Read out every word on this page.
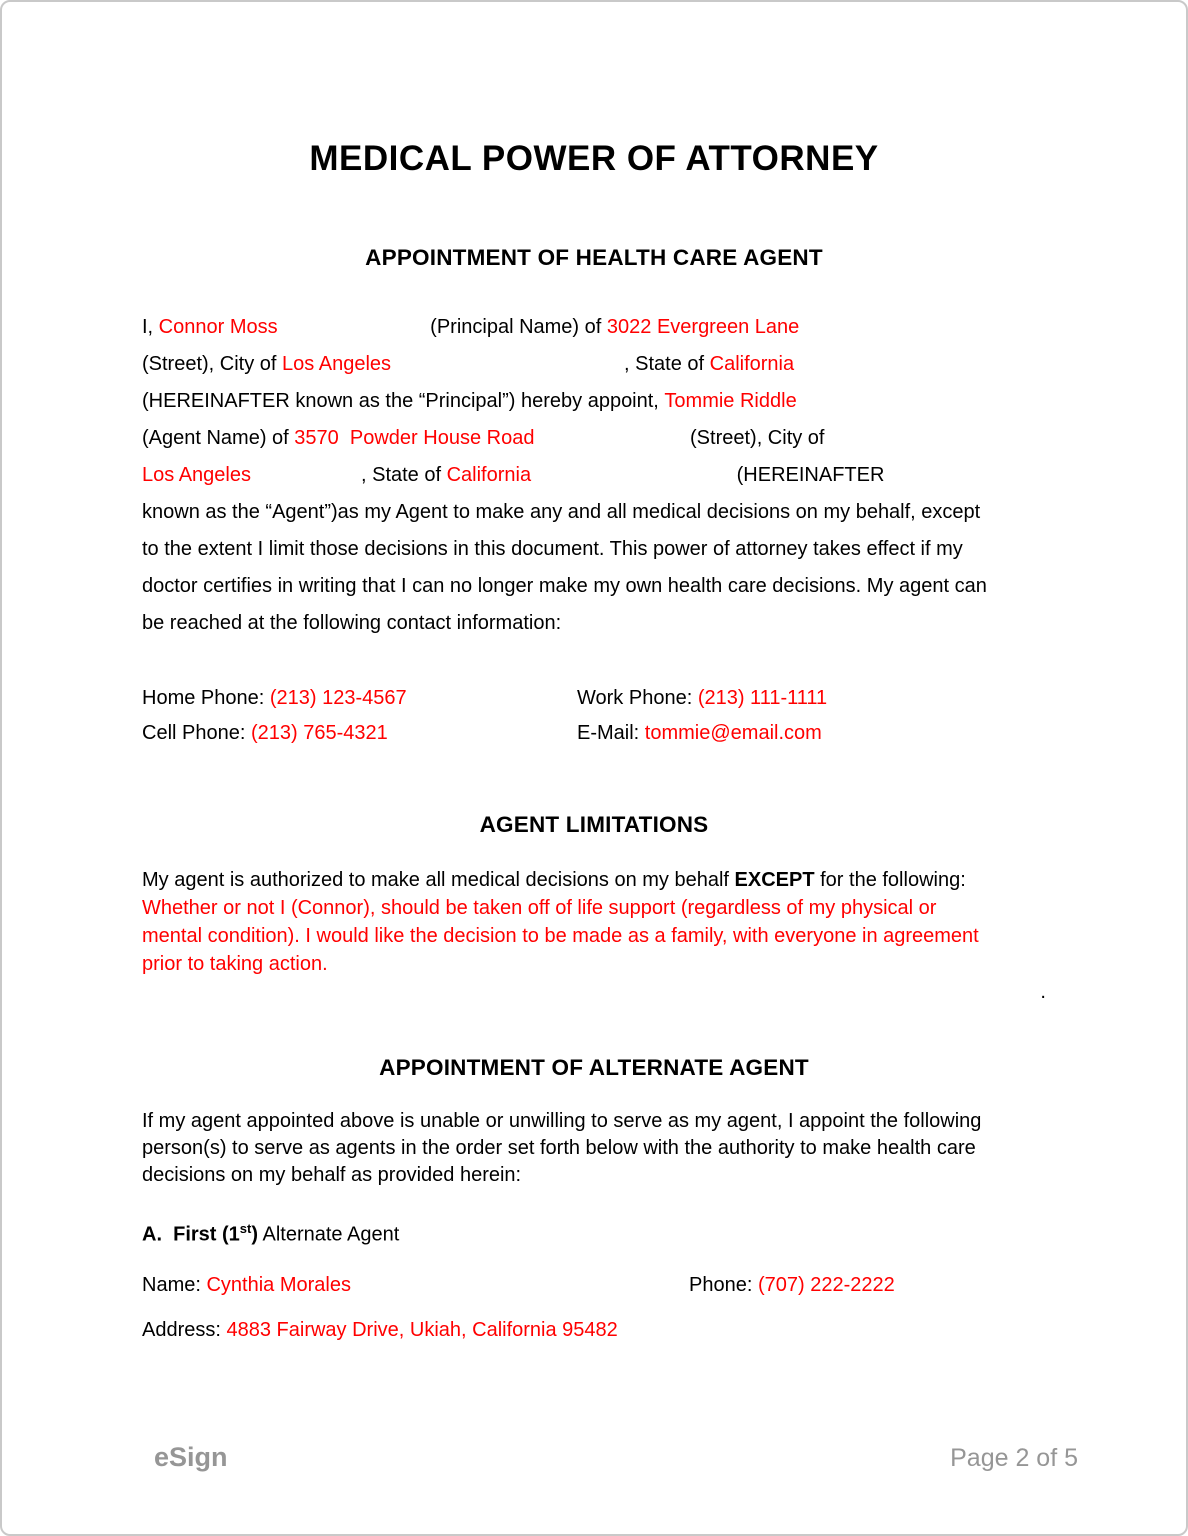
MEDICAL POWER OF ATTORNEY
APPOINTMENT OF HEALTH CARE AGENT
I, Connor Moss	(Principal Name) of 3022 Evergreen Lane
(Street), City of Los Angeles	, State of California
(HEREINAFTER known as the “Principal”) hereby appoint, Tommie Riddle
(Agent Name) of 3570  Powder House Road	(Street), City of
Los Angeles	, State of California	(HEREINAFTER
known as the “Agent”)as my Agent to make any and all medical decisions on my behalf, except
to the extent I limit those decisions in this document. This power of attorney takes effect if my
doctor certifies in writing that I can no longer make my own health care decisions. My agent can
be reached at the following contact information:
Home Phone: (213) 123-4567	Work Phone: (213) 111-1111
Cell Phone: (213) 765-4321	E-Mail: tommie@email.com
AGENT LIMITATIONS
My agent is authorized to make all medical decisions on my behalf EXCEPT for the following:
Whether or not I (Connor), should be taken off of life support (regardless of my physical or
mental condition). I would like the decision to be made as a family, with everyone in agreement
prior to taking action.
.
APPOINTMENT OF ALTERNATE AGENT
If my agent appointed above is unable or unwilling to serve as my agent, I appoint the following
person(s) to serve as agents in the order set forth below with the authority to make health care
decisions on my behalf as provided herein:
A.  First (1st) Alternate Agent
Name: Cynthia Morales	Phone: (707) 222-2222
Address: 4883 Fairway Drive, Ukiah, California 95482
eSign	Page 2 of 5
